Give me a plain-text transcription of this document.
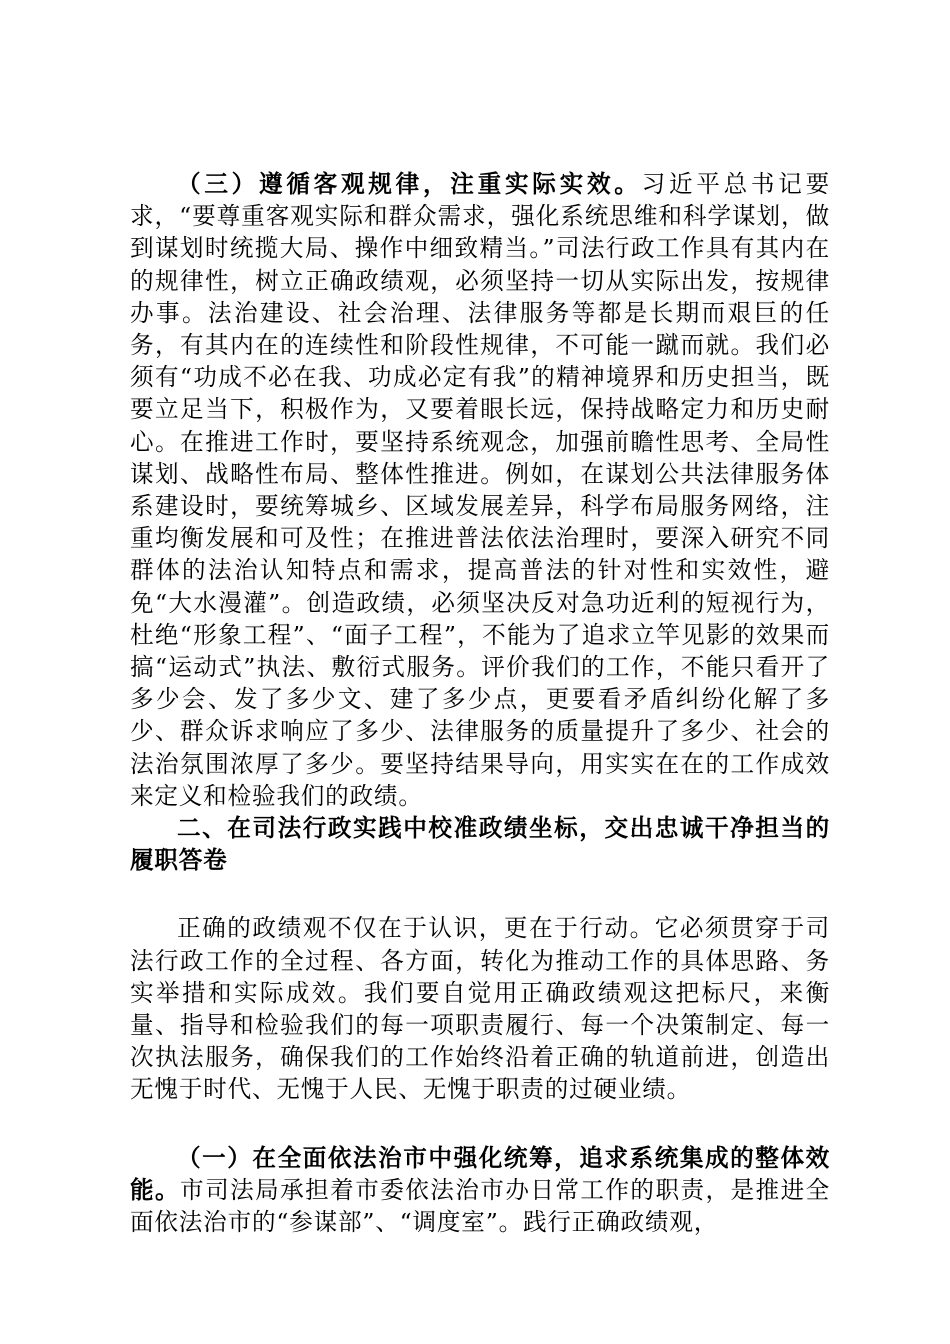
（三）遵循客观规律，注重实际实效。习近平总书记要求，“要尊重客观实际和群众需求，强化系统思维和科学谋划，做到谋划时统揽大局、操作中细致精当。”司法行政工作具有其内在的规律性，树立正确政绩观，必须坚持一切从实际出发，按规律办事。法治建设、社会治理、法律服务等都是长期而艰巨的任务，有其内在的连续性和阶段性规律，不可能一蹴而就。我们必须有“功成不必在我、功成必定有我”的精神境界和历史担当，既要立足当下，积极作为，又要着眼长远，保持战略定力和历史耐心。在推进工作时，要坚持系统观念，加强前瞻性思考、全局性谋划、战略性布局、整体性推进。例如，在谋划公共法律服务体系建设时，要统筹城乡、区域发展差异，科学布局服务网络，注重均衡发展和可及性；在推进普法依法治理时，要深入研究不同群体的法治认知特点和需求，提高普法的针对性和实效性，避免“大水漫灌”。创造政绩，必须坚决反对急功近利的短视行为，杜绝“形象工程”、“面子工程”，不能为了追求立竿见影的效果而搞“运动式”执法、敷衍式服务。评价我们的工作，不能只看开了多少会、发了多少文、建了多少点，更要看矛盾纠纷化解了多少、群众诉求响应了多少、法律服务的质量提升了多少、社会的法治氛围浓厚了多少。要坚持结果导向，用实实在在的工作成效来定义和检验我们的政绩。

二、在司法行政实践中校准政绩坐标，交出忠诚干净担当的履职答卷

正确的政绩观不仅在于认识，更在于行动。它必须贯穿于司法行政工作的全过程、各方面，转化为推动工作的具体思路、务实举措和实际成效。我们要自觉用正确政绩观这把标尺，来衡量、指导和检验我们的每一项职责履行、每一个决策制定、每一次执法服务，确保我们的工作始终沿着正确的轨道前进，创造出无愧于时代、无愧于人民、无愧于职责的过硬业绩。

（一）在全面依法治市中强化统筹，追求系统集成的整体效能。市司法局承担着市委依法治市办日常工作的职责，是推进全面依法治市的“参谋部”、“调度室”。践行正确政绩观，
